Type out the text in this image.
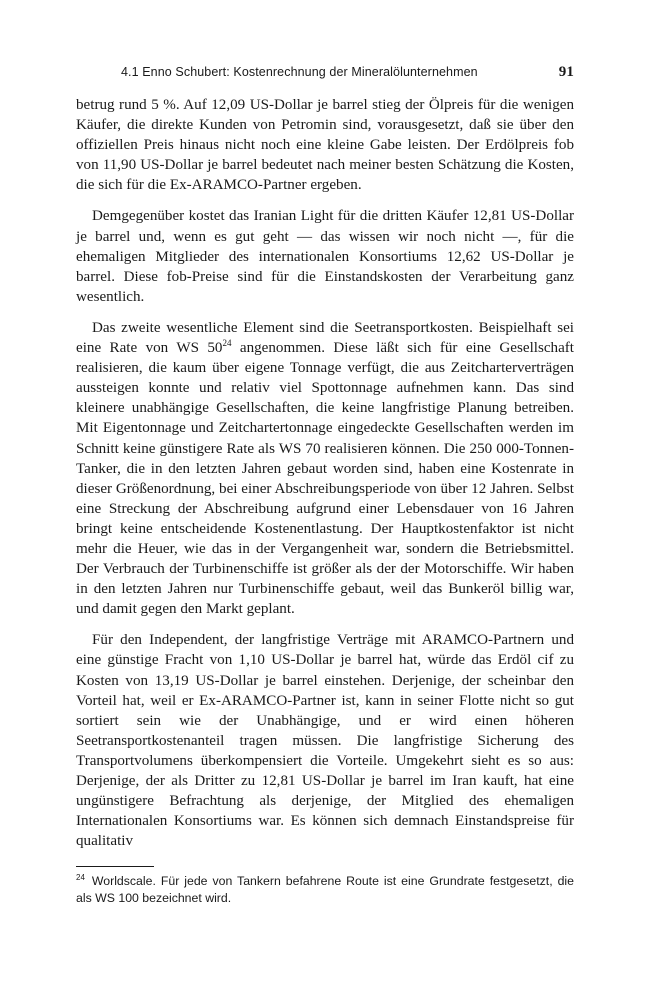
4.1 Enno Schubert: Kostenrechnung der Mineralölunternehmen	91

betrug rund 5 %. Auf 12,09 US-Dollar je barrel stieg der Ölpreis für die wenigen Käufer, die direkte Kunden von Petromin sind, vorausgesetzt, daß sie über den offiziellen Preis hinaus nicht noch eine kleine Gabe leisten. Der Erdölpreis fob von 11,90 US-Dollar je barrel bedeutet nach meiner besten Schätzung die Kosten, die sich für die Ex-ARAMCO-Partner ergeben.

Demgegenüber kostet das Iranian Light für die dritten Käufer 12,81 US-Dollar je barrel und, wenn es gut geht — das wissen wir noch nicht —, für die ehemaligen Mitglieder des internationalen Konsortiums 12,62 US-Dollar je barrel. Diese fob-Preise sind für die Einstandskosten der Verarbeitung ganz wesentlich.

Das zweite wesentliche Element sind die Seetransportkosten. Beispielhaft sei eine Rate von WS $50^{24}$ angenommen. Diese läßt sich für eine Gesellschaft realisieren, die kaum über eigene Tonnage verfügt, die aus Zeitcharterverträgen aussteigen konnte und relativ viel Spottonnage aufnehmen kann. Das sind kleinere unabhängige Gesellschaften, die keine langfristige Planung betreiben. Mit Eigentonnage und Zeitchartertonnage eingedeckte Gesellschaften werden im Schnitt keine günstigere Rate als WS 70 realisieren können. Die 250 000-Tonnen-Tanker, die in den letzten Jahren gebaut worden sind, haben eine Kostenrate in dieser Größenordnung, bei einer Abschreibungsperiode von über 12 Jahren. Selbst eine Streckung der Abschreibung aufgrund einer Lebensdauer von 16 Jahren bringt keine entscheidende Kostenentlastung. Der Hauptkostenfaktor ist nicht mehr die Heuer, wie das in der Vergangenheit war, sondern die Betriebsmittel. Der Verbrauch der Turbinenschiffe ist größer als der der Motorschiffe. Wir haben in den letzten Jahren nur Turbinenschiffe gebaut, weil das Bunkeröl billig war, und damit gegen den Markt geplant.

Für den Independent, der langfristige Verträge mit ARAMCO-Partnern und eine günstige Fracht von 1,10 US-Dollar je barrel hat, würde das Erdöl cif zu Kosten von 13,19 US-Dollar je barrel einstehen. Derjenige, der scheinbar den Vorteil hat, weil er Ex-ARAMCO-Partner ist, kann in seiner Flotte nicht so gut sortiert sein wie der Unabhängige, und er wird einen höheren Seetransportkostenanteil tragen müssen. Die langfristige Sicherung des Transportvolumens überkompensiert die Vorteile. Umgekehrt sieht es so aus: Derjenige, der als Dritter zu 12,81 US-Dollar je barrel im Iran kauft, hat eine ungünstigere Befrachtung als derjenige, der Mitglied des ehemaligen Internationalen Konsortiums war. Es können sich demnach Einstandspreise für qualitativ

$^{24}$ Worldscale. Für jede von Tankern befahrene Route ist eine Grundrate festgesetzt, die als WS 100 bezeichnet wird.
